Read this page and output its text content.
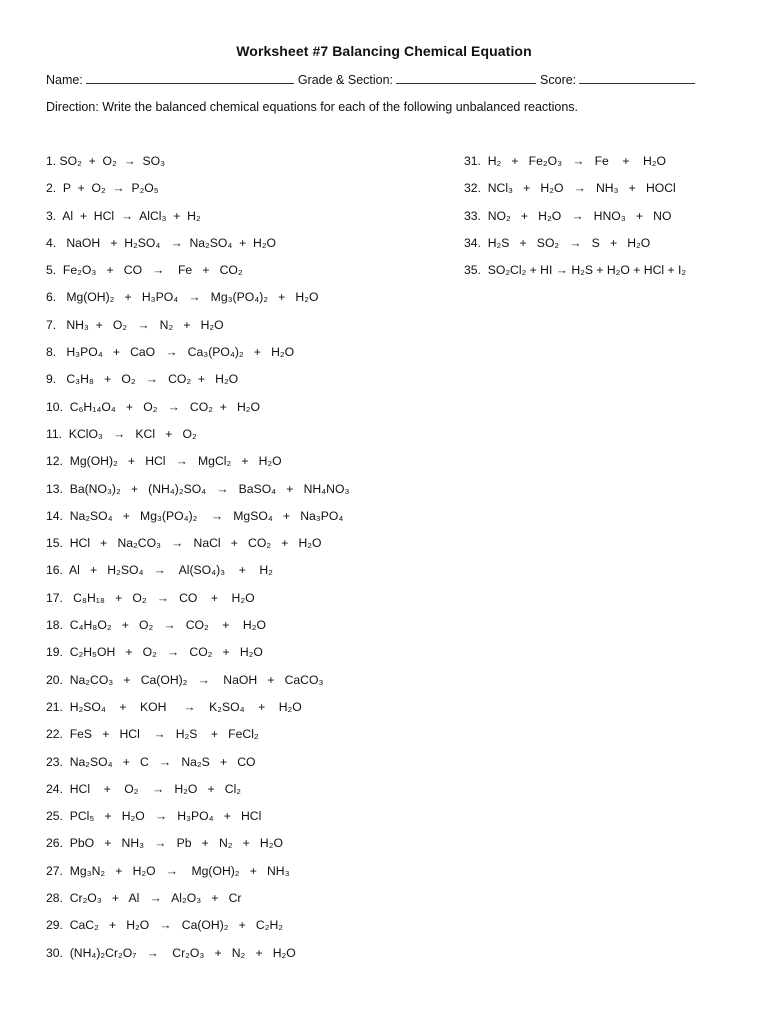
Worksheet #7 Balancing Chemical Equation
Name:	Grade & Section:	Score:
Direction: Write the balanced chemical equations for each of the following unbalanced reactions.
1. SO₂  +  O₂  →  SO₃
2.  P  +  O₂  →  P₂O₅
3.  Al  +  HCl  →  AlCl₃  +  H₂
4.   NaOH   +  H₂SO₄   →  Na₂SO₄  +  H₂O
5.  Fe₂O₃   +   CO   →    Fe   +   CO₂
6.   Mg(OH)₂   +   H₃PO₄   →   Mg₃(PO₄)₂   +   H₂O
7.   NH₃  +   O₂   →   N₂   +   H₂O
8.   H₃PO₄   +   CaO   →   Ca₃(PO₄)₂   +   H₂O
9.   C₃H₈   +   O₂   →   CO₂  +   H₂O
10.  C₆H₁₄O₄   +   O₂   →   CO₂  +   H₂O
11.  KClO₃   →   KCl   +   O₂
12.  Mg(OH)₂   +   HCl   →   MgCl₂   +   H₂O
13.  Ba(NO₃)₂   +   (NH₄)₂SO₄   →   BaSO₄   +   NH₄NO₃
14.  Na₂SO₄   +   Mg₃(PO₄)₂    →   MgSO₄   +   Na₃PO₄
15.  HCl   +   Na₂CO₃   →   NaCl   +   CO₂   +   H₂O
16.  Al   +   H₂SO₄   →    Al(SO₄)₃    +    H₂
17.   C₈H₁₈   +   O₂   →   CO    +    H₂O
18.  C₄H₈O₂   +   O₂   →   CO₂    +    H₂O
19.  C₂H₅OH   +   O₂   →   CO₂   +   H₂O
20.  Na₂CO₃   +   Ca(OH)₂   →    NaOH   +   CaCO₃
21.  H₂SO₄    +    KOH     →    K₂SO₄    +    H₂O
22.  FeS   +   HCl    →   H₂S    +   FeCl₂
23.  Na₂SO₄   +   C   →   Na₂S   +   CO
24.  HCl    +    O₂    →   H₂O   +   Cl₂
25.  PCl₅   +   H₂O   →   H₃PO₄   +   HCl
26.  PbO   +   NH₃   →   Pb   +   N₂   +   H₂O
27.  Mg₃N₂   +   H₂O   →    Mg(OH)₂   +   NH₃
28.  Cr₂O₃   +   Al   →   Al₂O₃   +   Cr
29.  CaC₂   +   H₂O   →   Ca(OH)₂   +   C₂H₂
30.  (NH₄)₂Cr₂O₇   →    Cr₂O₃   +   N₂   +   H₂O
31.  H₂   +   Fe₂O₃   →   Fe    +    H₂O
32.  NCl₃   +   H₂O   →   NH₃   +   HOCl
33.  NO₂   +   H₂O   →   HNO₃   +   NO
34.  H₂S   +   SO₂   →   S   +   H₂O
35.  SO₂Cl₂ + HI → H₂S + H₂O + HCl + I₂
